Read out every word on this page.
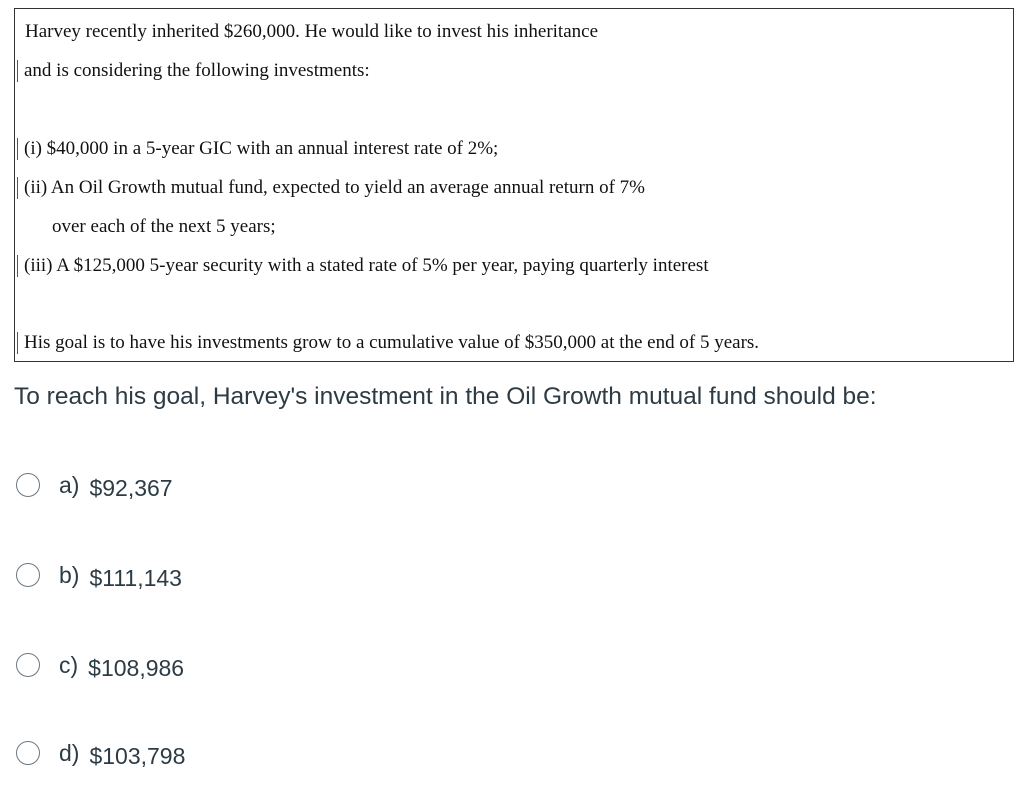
Harvey recently inherited $260,000. He would like to invest his inheritance
and is considering the following investments:
(i) $40,000 in a 5-year GIC with an annual interest rate of 2%;
(ii) An Oil Growth mutual fund, expected to yield an average annual return of 7%
over each of the next 5 years;
(iii) A $125,000 5-year security with a stated rate of 5% per year, paying quarterly interest
His goal is to have his investments grow to a cumulative value of $350,000 at the end of 5 years.
To reach his goal, Harvey's investment in the Oil Growth mutual fund should be:
a) $92,367
b) $111,143
c) $108,986
d) $103,798
